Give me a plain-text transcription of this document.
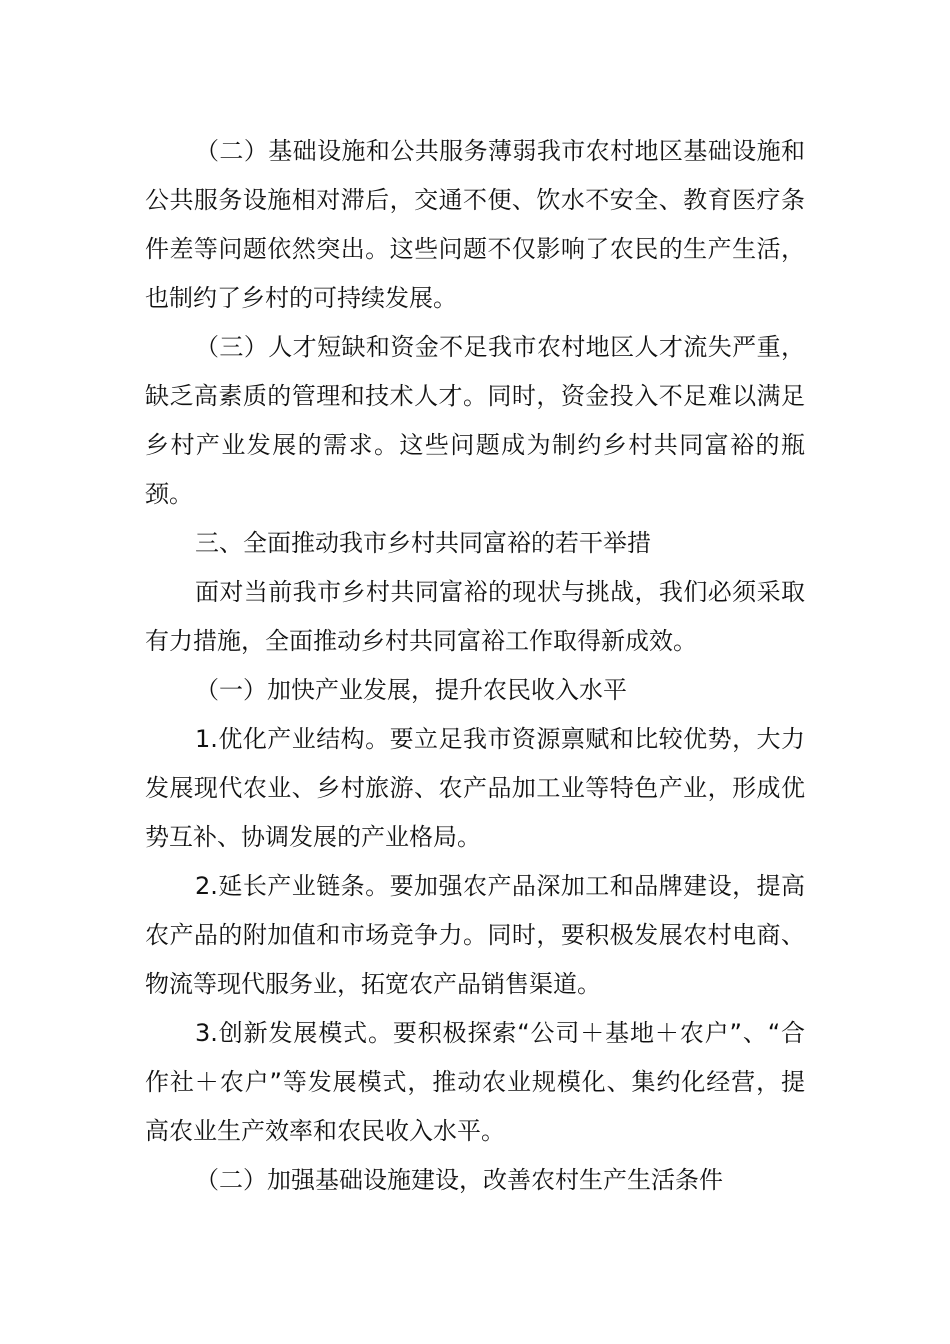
（二）基础设施和公共服务薄弱我市农村地区基础设施和公共服务设施相对滞后，交通不便、饮水不安全、教育医疗条件差等问题依然突出。这些问题不仅影响了农民的生产生活，也制约了乡村的可持续发展。

（三）人才短缺和资金不足我市农村地区人才流失严重，缺乏高素质的管理和技术人才。同时，资金投入不足难以满足乡村产业发展的需求。这些问题成为制约乡村共同富裕的瓶颈。

三、全面推动我市乡村共同富裕的若干举措

面对当前我市乡村共同富裕的现状与挑战，我们必须采取有力措施，全面推动乡村共同富裕工作取得新成效。

（一）加快产业发展，提升农民收入水平

1.优化产业结构。要立足我市资源禀赋和比较优势，大力发展现代农业、乡村旅游、农产品加工业等特色产业，形成优势互补、协调发展的产业格局。

2.延长产业链条。要加强农产品深加工和品牌建设，提高农产品的附加值和市场竞争力。同时，要积极发展农村电商、物流等现代服务业，拓宽农产品销售渠道。

3.创新发展模式。要积极探索“公司＋基地＋农户”、“合作社＋农户”等发展模式，推动农业规模化、集约化经营，提高农业生产效率和农民收入水平。

（二）加强基础设施建设，改善农村生产生活条件
